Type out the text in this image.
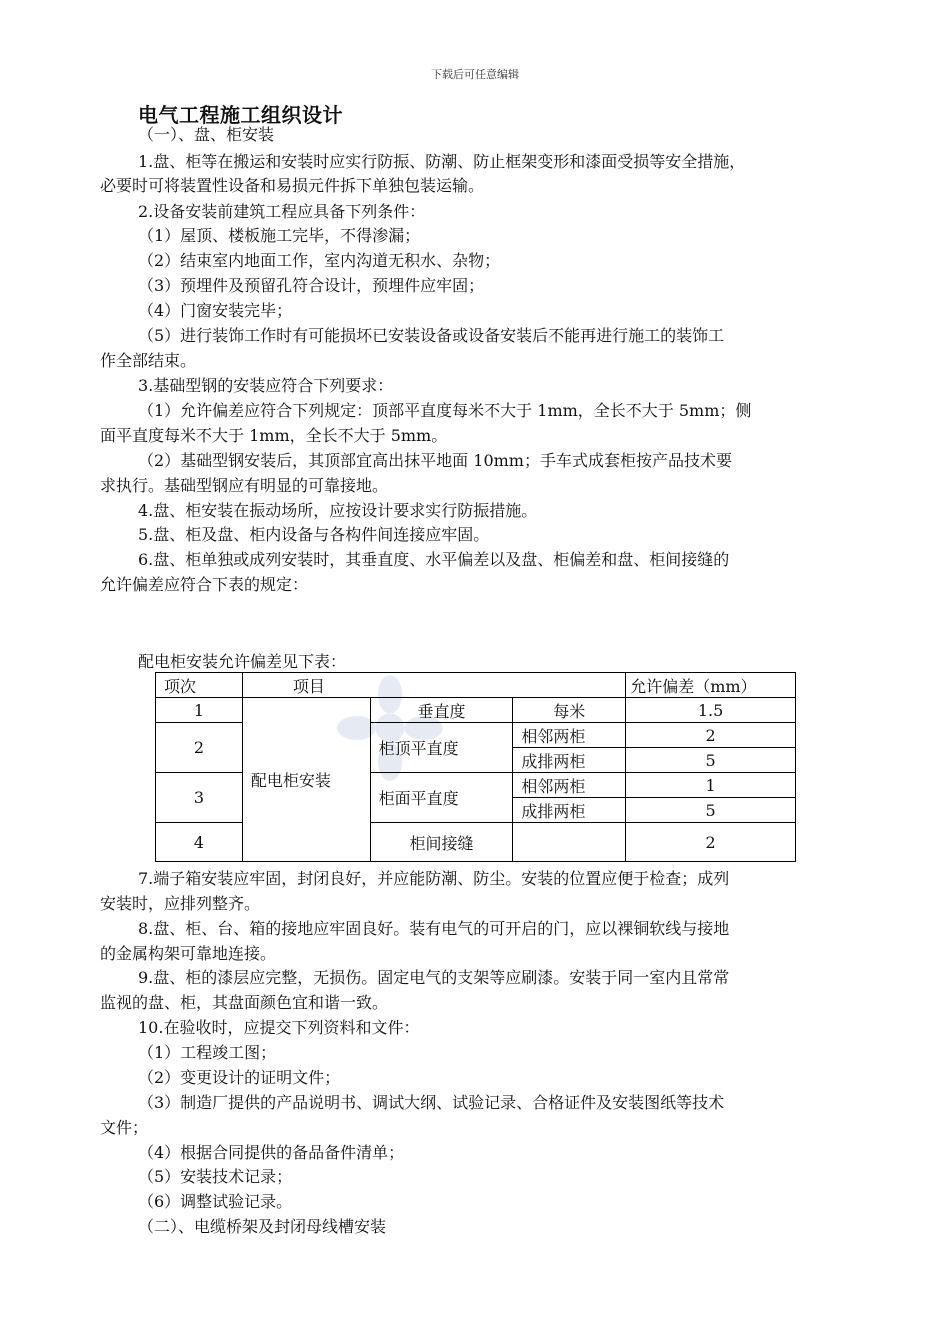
下载后可任意编辑
电气工程施工组织设计
（一）、盘、柜安装
1.盘、柜等在搬运和安装时应实行防振、防潮、防止框架变形和漆面受损等安全措施，
必要时可将装置性设备和易损元件拆下单独包装运输。
2.设备安装前建筑工程应具备下列条件：
（1）屋顶、楼板施工完毕，不得渗漏；
（2）结束室内地面工作，室内沟道无积水、杂物；
（3）预埋件及预留孔符合设计，预埋件应牢固；
（4）门窗安装完毕；
（5）进行装饰工作时有可能损坏已安装设备或设备安装后不能再进行施工的装饰工
作全部结束。
3.基础型钢的安装应符合下列要求：
（1）允许偏差应符合下列规定：顶部平直度每米不大于 1mm，全长不大于 5mm；侧
面平直度每米不大于 1mm，全长不大于 5mm。
（2）基础型钢安装后，其顶部宜高出抹平地面 10mm；手车式成套柜按产品技术要
求执行。基础型钢应有明显的可靠接地。
4.盘、柜安装在振动场所，应按设计要求实行防振措施。
5.盘、柜及盘、柜内设备与各构件间连接应牢固。
6.盘、柜单独或成列安装时，其垂直度、水平偏差以及盘、柜偏差和盘、柜间接缝的
允许偏差应符合下表的规定：
配电柜安装允许偏差见下表：
项次	项目			允许偏差（mm）
1	配电柜安装	垂直度	每米	1.5
2		柜顶平直度	相邻两柜	2
			成排两柜	5
3		柜面平直度	相邻两柜	1
			成排两柜	5
4		柜间接缝		2
7.端子箱安装应牢固，封闭良好，并应能防潮、防尘。安装的位置应便于检查；成列
安装时，应排列整齐。
8.盘、柜、台、箱的接地应牢固良好。装有电气的可开启的门，应以裸铜软线与接地
的金属构架可靠地连接。
9.盘、柜的漆层应完整，无损伤。固定电气的支架等应刷漆。安装于同一室内且常常
监视的盘、柜，其盘面颜色宜和谐一致。
10.在验收时，应提交下列资料和文件：
（1）工程竣工图；
（2）变更设计的证明文件；
（3）制造厂提供的产品说明书、调试大纲、试验记录、合格证件及安装图纸等技术
文件；
（4）根据合同提供的备品备件清单；
（5）安装技术记录；
（6）调整试验记录。
（二）、电缆桥架及封闭母线槽安装
